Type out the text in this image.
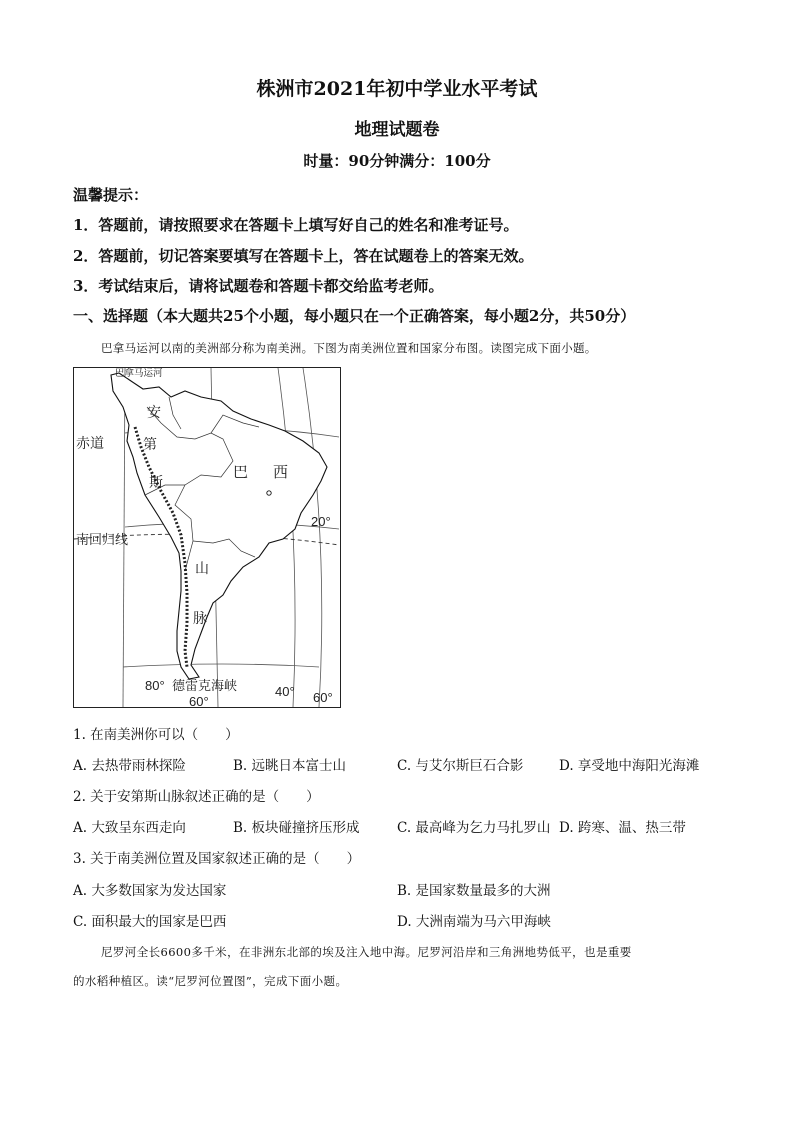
株洲市2021年初中学业水平考试
地理试题卷
时量：90分钟满分：100分
温馨提示：
1．答题前，请按照要求在答题卡上填写好自己的姓名和准考证号。
2．答题前，切记答案要填写在答题卡上，答在试题卷上的答案无效。
3．考试结束后，请将试题卷和答题卡都交给监考老师。
一、选择题（本大题共25个小题，每小题只在一个正确答案，每小题2分，共50分）
巴拿马运河以南的美洲部分称为南美洲。下图为南美洲位置和国家分布图。读图完成下面小题。
巴拿马运河
赤道
南回归线
巴 西
安
第
斯
山
脉
20°
80° 德雷克海峡
60°
40° 60°
1. 在南美洲你可以（　　）
A. 去热带雨林探险	B. 远眺日本富士山	C. 与艾尔斯巨石合影	D. 享受地中海阳光海滩
2. 关于安第斯山脉叙述正确的是（　　）
A. 大致呈东西走向	B. 板块碰撞挤压形成	C. 最高峰为乞力马扎罗山 D. 跨寒、温、热三带
3. 关于南美洲位置及国家叙述正确的是（　　）
A. 大多数国家为发达国家	B. 是国家数量最多的大洲
C. 面积最大的国家是巴西	D. 大洲南端为马六甲海峡
尼罗河全长6600多千米，在非洲东北部的埃及注入地中海。尼罗河沿岸和三角洲地势低平，也是重要
的水稻种植区。读“尼罗河位置图”，完成下面小题。
